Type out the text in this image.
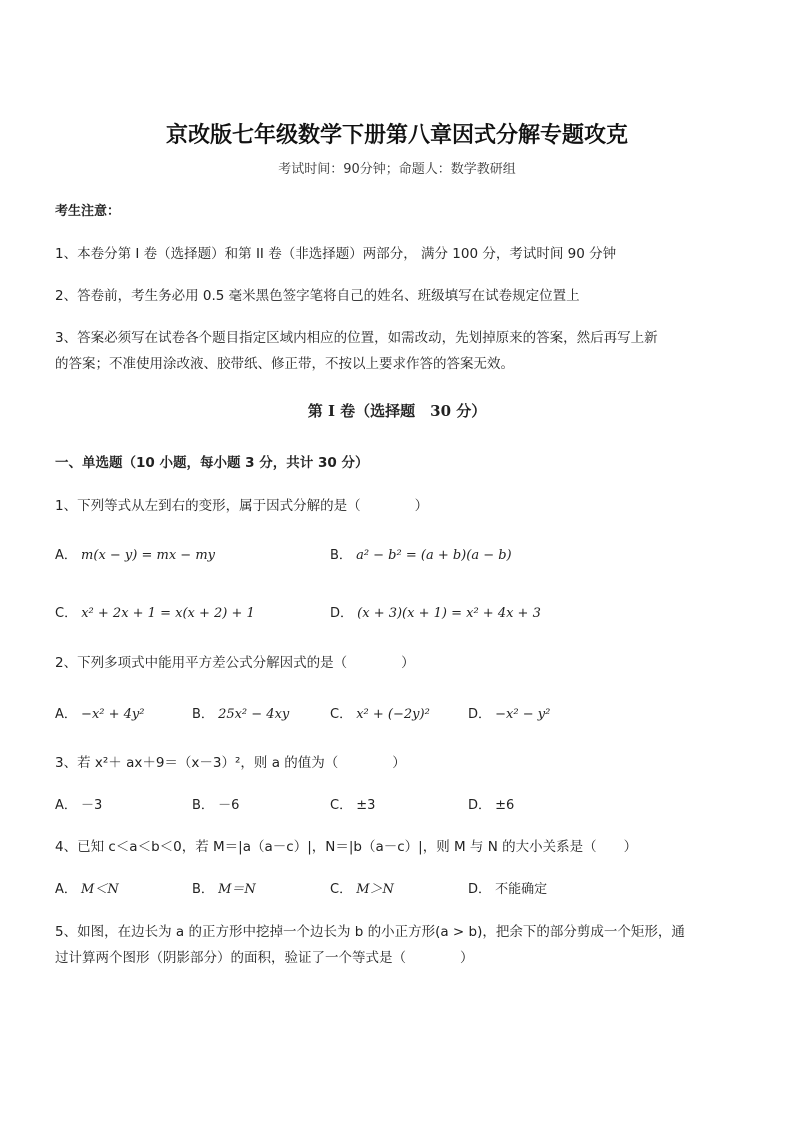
京改版七年级数学下册第八章因式分解专题攻克
考试时间：90分钟；命题人：数学教研组
考生注意：
1、本卷分第 I 卷（选择题）和第 II 卷（非选择题）两部分， 满分 100 分，考试时间 90 分钟
2、答卷前，考生务必用 0.5 毫米黑色签字笔将自己的姓名、班级填写在试卷规定位置上
3、答案必须写在试卷各个题目指定区域内相应的位置，如需改动，先划掉原来的答案，然后再写上新
的答案；不准使用涂改液、胶带纸、修正带，不按以上要求作答的答案无效。
第 I 卷（选择题　30 分）
一、单选题（10 小题，每小题 3 分，共计 30 分）
1、下列等式从左到右的变形，属于因式分解的是（　　　　）
A． m(x − y) = mx − my	B． a² − b² = (a + b)(a − b)
C． x² + 2x + 1 = x(x + 2) + 1	D． (x + 3)(x + 1) = x² + 4x + 3
2、下列多项式中能用平方差公式分解因式的是（　　　　）
A． −x² + 4y²	B． 25x² − 4xy	C． x² + (−2y)²	D． −x² − y²
3、若 x²＋ ax＋9＝（x－3）²，则 a 的值为（　　　　）
A． －3	B． －6	C． ±3	D． ±6
4、已知 c＜a＜b＜0，若 M＝|a（a－c）|，N＝|b（a－c）|，则 M 与 N 的大小关系是（　　）
A． M＜N	B． M＝N	C． M＞N	D． 不能确定
5、如图，在边长为 a 的正方形中挖掉一个边长为 b 的小正方形(a > b)，把余下的部分剪成一个矩形，通
过计算两个图形（阴影部分）的面积，验证了一个等式是（　　　　）
